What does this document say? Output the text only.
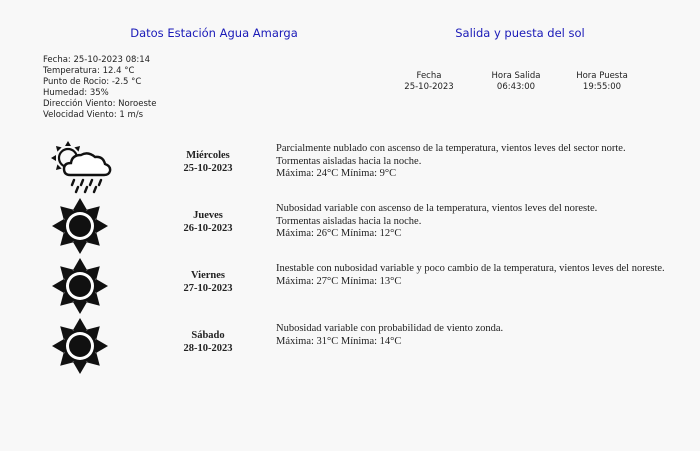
Datos Estación Agua Amarga	Salida y puesta del sol
Fecha: 25-10-2023 08:14
Temperatura: 12.4 °C
Punto de Rocio: -2.5 °C
Humedad: 35%
Dirección Viento: Noroeste
Velocidad Viento: 1 m/s
Fecha	Hora Salida	Hora Puesta
25-10-2023	06:43:00	19:55:00
Miércoles
25-10-2023
Parcialmente nublado con ascenso de la temperatura, vientos leves del sector norte.
Tormentas aisladas hacia la noche.
Máxima: 24°C Mínima: 9°C
Jueves
26-10-2023
Nubosidad variable con ascenso de la temperatura, vientos leves del noreste.
Tormentas aisladas hacia la noche.
Máxima: 26°C Mínima: 12°C
Viernes
27-10-2023
Inestable con nubosidad variable y poco cambio de la temperatura, vientos leves del noreste.
Máxima: 27°C Mínima: 13°C
Sábado
28-10-2023
Nubosidad variable con probabilidad de viento zonda.
Máxima: 31°C Mínima: 14°C
